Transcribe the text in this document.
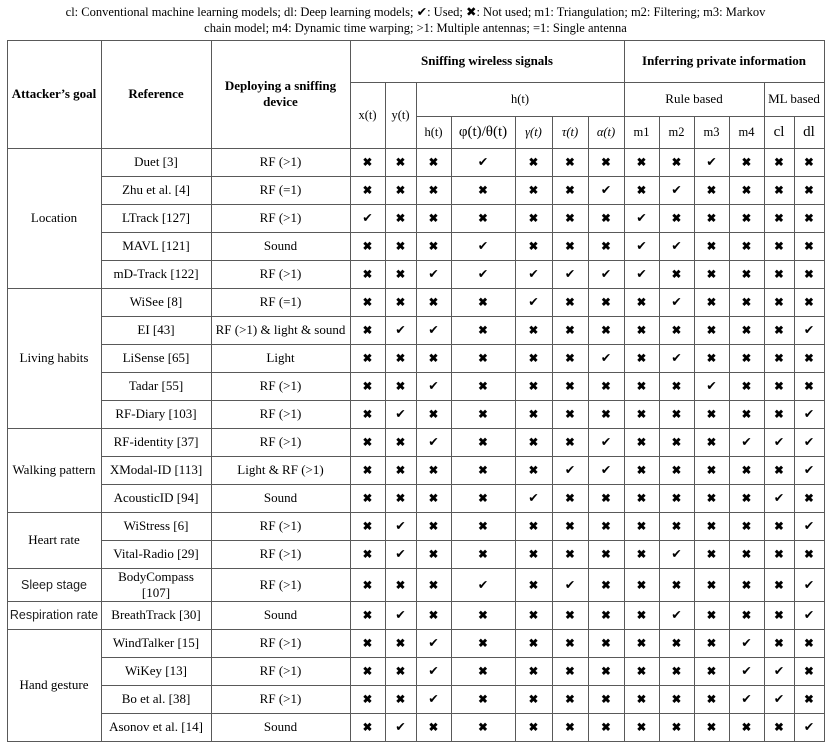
cl: Conventional machine learning models; dl: Deep learning models; ✔: Used; ✖: Not used; m1: Triangulation; m2: Filtering; m3: Markov
chain model; m4: Dynamic time warping; >1: Multiple antennas; =1: Single antenna
Attacker’s goal	Reference	Deploying a sniffing device	Sniffing wireless signals							Inferring private information					
			x(t)	y(t)	h(t)					Rule based				ML based	
					h(t)	φ(t)/θ(t)	γ(t)	τ(t)	α(t)	m1	m2	m3	m4	cl	dl
Location	Duet [3]	RF (>1)	✖	✖	✖	✔	✖	✖	✖	✖	✖	✔	✖	✖	✖
	Zhu et al. [4]	RF (=1)	✖	✖	✖	✖	✖	✖	✔	✖	✔	✖	✖	✖	✖
	LTrack [127]	RF (>1)	✔	✖	✖	✖	✖	✖	✖	✔	✖	✖	✖	✖	✖
	MAVL [121]	Sound	✖	✖	✖	✔	✖	✖	✖	✔	✔	✖	✖	✖	✖
	mD-Track [122]	RF (>1)	✖	✖	✔	✔	✔	✔	✔	✔	✖	✖	✖	✖	✖
Living habits	WiSee [8]	RF (=1)	✖	✖	✖	✖	✔	✖	✖	✖	✔	✖	✖	✖	✖
	EI [43]	RF (>1) & light & sound	✖	✔	✔	✖	✖	✖	✖	✖	✖	✖	✖	✖	✔
	LiSense [65]	Light	✖	✖	✖	✖	✖	✖	✔	✖	✔	✖	✖	✖	✖
	Tadar [55]	RF (>1)	✖	✖	✔	✖	✖	✖	✖	✖	✖	✔	✖	✖	✖
	RF-Diary [103]	RF (>1)	✖	✔	✖	✖	✖	✖	✖	✖	✖	✖	✖	✖	✔
Walking pattern	RF-identity [37]	RF (>1)	✖	✖	✔	✖	✖	✖	✔	✖	✖	✖	✔	✔	✔
	XModal-ID [113]	Light & RF (>1)	✖	✖	✖	✖	✖	✔	✔	✖	✖	✖	✖	✖	✔
	AcousticID [94]	Sound	✖	✖	✖	✖	✔	✖	✖	✖	✖	✖	✖	✔	✖
Heart rate	WiStress [6]	RF (>1)	✖	✔	✖	✖	✖	✖	✖	✖	✖	✖	✖	✖	✔
	Vital-Radio [29]	RF (>1)	✖	✔	✖	✖	✖	✖	✖	✖	✔	✖	✖	✖	✖
Sleep stage	BodyCompass [107]	RF (>1)	✖	✖	✖	✔	✖	✔	✖	✖	✖	✖	✖	✖	✔
Respiration rate	BreathTrack [30]	Sound	✖	✔	✖	✖	✖	✖	✖	✖	✔	✖	✖	✖	✔
Hand gesture	WindTalker [15]	RF (>1)	✖	✖	✔	✖	✖	✖	✖	✖	✖	✖	✔	✖	✖
	WiKey [13]	RF (>1)	✖	✖	✔	✖	✖	✖	✖	✖	✖	✖	✔	✔	✖
	Bo et al. [38]	RF (>1)	✖	✖	✔	✖	✖	✖	✖	✖	✖	✖	✔	✔	✖
	Asonov et al. [14]	Sound	✖	✔	✖	✖	✖	✖	✖	✖	✖	✖	✖	✖	✔
